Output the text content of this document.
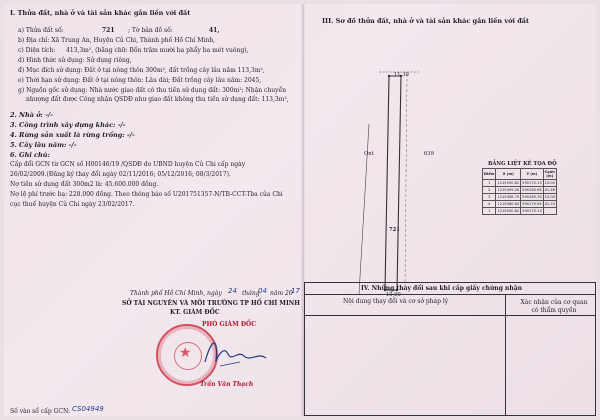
I. Thửa đất, nhà ở và tài sản khác gắn liền với đất
a) Thửa đất số:	721 ; Tờ bản đồ số:	41,
b) Địa chỉ: Xã Trung An, Huyện Củ Chi, Thành phố Hồ Chí Minh,
c) Diện tích: 413,3m², (bằng chữ: Bốn trăm mười ba phẩy ba mét vuông),
d) Hình thức sử dụng: Sử dụng riêng,
đ) Mục đích sử dụng: Đất ở tại nông thôn 300m², đất trồng cây lâu năm 113,3m²,
e) Thời hạn sử dụng: Đất ở tại nông thôn: Lâu dài; Đất trồng cây lâu năm: 2045,
g) Nguồn gốc sử dụng: Nhà nước giao đất có thu tiền sử dụng đất: 300m²; Nhận chuyển
nhượng đất được Công nhận QSDĐ như giao đất không thu tiền sử dụng đất: 113,3m²,
2. Nhà ở: -/-
3. Công trình xây dựng khác: -/-
4. Rừng sản xuất là rừng trồng: -/-
5. Cây lâu năm: -/-
6. Ghi chú:
Cấp đổi GCN từ GCN số H00146/19 /QSDĐ do UBND huyện Củ Chi cấp ngày
26/02/2009.(Đăng ký thay đổi ngày 02/11/2016; 05/12/2016; 08/3/2017).
Nợ tiền sử dụng đất 300m2 là: 45.600.000 đồng.
Nợ lệ phí trước bạ: 228.000 đồng. Theo thông báo số U201751357-N/TB-CCT-Tba của Chi
cục thuế huyện Củ Chi ngày 23/02/2017.
Thành phố Hồ Chí Minh, ngày 24 tháng
04 năm 20
17
SỞ TÀI NGUYÊN VÀ MÔI TRƯỜNG TP HỒ CHÍ MINH
KT. GIÁM ĐỐC
PHÓ GIÁM ĐỐC
★
Trần Văn Thạch
Số vào sổ cấp GCN: CS04949
III. Sơ đồ thửa đất, nhà ở và tài sản khác gắn liền với đất
11,30
Ont	639
721
10,00
BẢNG LIỆT KÊ TỌA ĐỘ
Điểm	X (m)	Y (m)	Cạnh (m)
1	1215500.82	590170.13	10.00
2	1215499.00	590180.96	41.48
3	1215458.79	590189.76	10.00
4	1215460.64	590179.94	41.24
1	1215500.82	590170.13	
IV. Những thay đổi sau khi cấp giấy chứng nhận
Nội dung thay đổi và cơ sở pháp lý	Xác nhận của cơ quan có thẩm quyền
